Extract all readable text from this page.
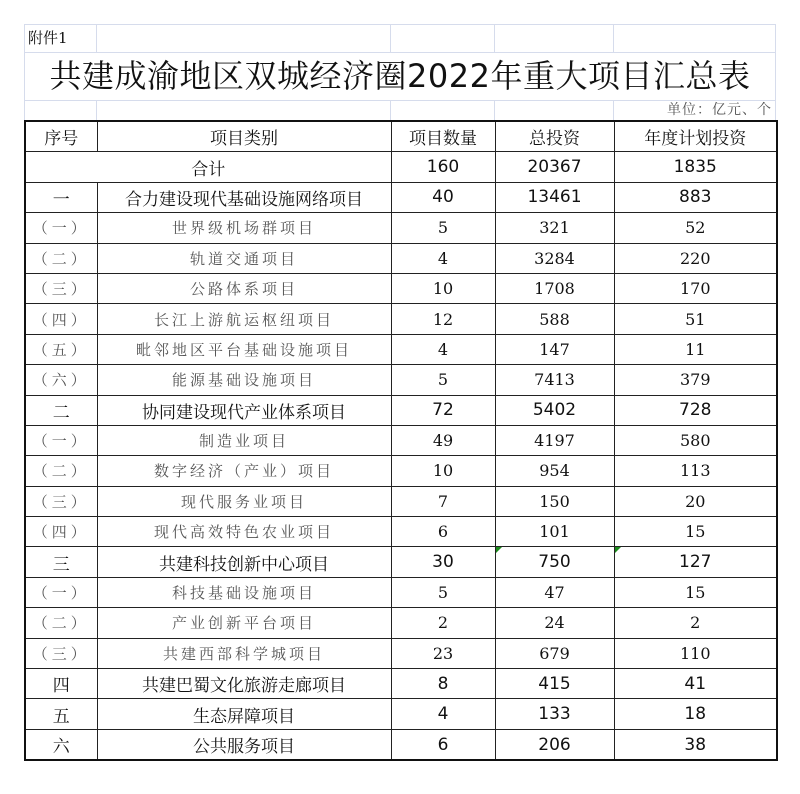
附件1
共建成渝地区双城经济圈2022年重大项目汇总表
单位：亿元、个
序号	项目类别	项目数量	总投资	年度计划投资
合计		160	20367	1835
一	合力建设现代基础设施网络项目	40	13461	883
（一）	世界级机场群项目	5	321	52
（二）	轨道交通项目	4	3284	220
（三）	公路体系项目	10	1708	170
（四）	长江上游航运枢纽项目	12	588	51
（五）	毗邻地区平台基础设施项目	4	147	11
（六）	能源基础设施项目	5	7413	379
二	协同建设现代产业体系项目	72	5402	728
（一）	制造业项目	49	4197	580
（二）	数字经济（产业）项目	10	954	113
（三）	现代服务业项目	7	150	20
（四）	现代高效特色农业项目	6	101	15
三	共建科技创新中心项目	30	750	127
（一）	科技基础设施项目	5	47	15
（二）	产业创新平台项目	2	24	2
（三）	共建西部科学城项目	23	679	110
四	共建巴蜀文化旅游走廊项目	8	415	41
五	生态屏障项目	4	133	18
六	公共服务项目	6	206	38
